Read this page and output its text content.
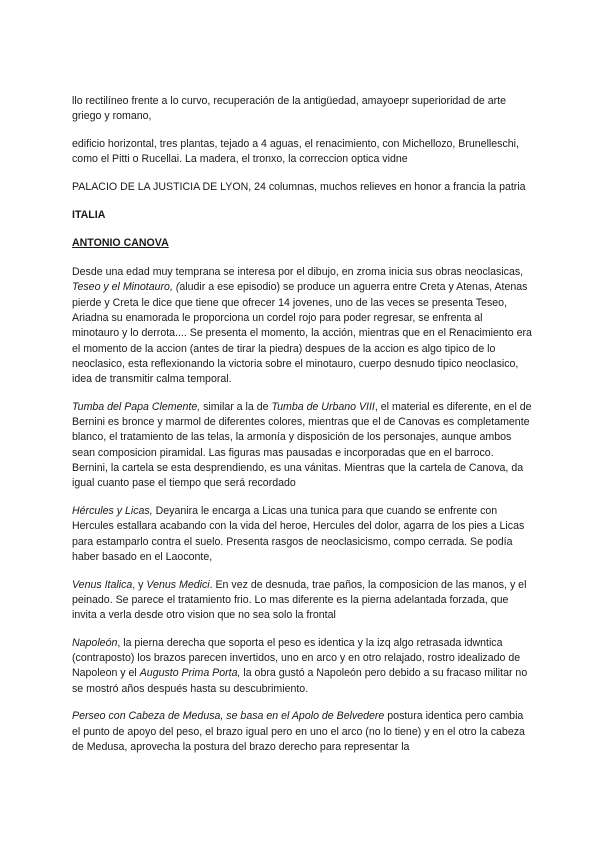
llo rectilíneo frente a lo curvo, recuperación de la antigüedad, amayoepr superioridad de arte griego y romano,

edificio horizontal, tres plantas, tejado a 4 aguas, el renacimiento, con Michellozo, Brunelleschi, como el Pitti o Rucellai. La madera, el tronxo, la correccion optica vidne

PALACIO DE LA JUSTICIA DE LYON, 24 columnas, muchos relieves en honor a francia la patria

ITALIA

ANTONIO CANOVA

Desde una edad muy temprana se interesa por el dibujo, en zroma inicia sus obras neoclasicas, Teseo y el Minotauro, (aludir a ese episodio) se produce un aguerra entre Creta y Atenas, Atenas pierde y Creta le dice que tiene que ofrecer 14 jovenes, uno de las veces se presenta Teseo, Ariadna su enamorada le proporciona un cordel rojo para poder regresar, se enfrenta al minotauro y lo derrota.... Se presenta el momento, la acción, mientras que en el Renacimiento era el momento de la accion (antes de tirar la piedra) despues de la accion es algo tipico de lo neoclasico, esta reflexionando la victoria sobre el minotauro, cuerpo desnudo tipico neoclasico, idea de transmitir calma temporal.

Tumba del Papa Clemente, similar a la de Tumba de Urbano VIII, el material es diferente, en el de Bernini es bronce y marmol de diferentes colores, mientras que el de Canovas es completamente blanco, el tratamiento de las telas, la armonía y disposición de los personajes, aunque ambos sean composicion piramidal. Las figuras mas pausadas e incorporadas que en el barroco. Bernini, la cartela se esta desprendiendo, es una vánitas. Mientras que la cartela de Canova, da igual cuanto pase el tiempo que será recordado

Hércules y Licas, Deyanira le encarga a Licas una tunica para que cuando se enfrente con Hercules estallara acabando con la vida del heroe, Hercules del dolor, agarra de los pies a Licas para estamparlo contra el suelo. Presenta rasgos de neoclasicismo, compo cerrada. Se podía haber basado en el Laoconte,

Venus Italica, y Venus Medici. En vez de desnuda, trae paños, la composicion de las manos, y el peinado. Se parece el tratamiento frio. Lo mas diferente es la pierna adelantada forzada, que invita a verla desde otro vision que no sea solo la frontal

Napoleón, la pierna derecha que soporta el peso es identica y la izq algo retrasada idwntica (contraposto) los brazos parecen invertidos, uno en arco y en otro relajado, rostro idealizado de Napoleon y el Augusto Prima Porta, la obra gustó a Napoleón pero debido a su fracaso militar no se mostró años después hasta su descubrimiento.

Perseo con Cabeza de Medusa, se basa en el Apolo de Belvedere postura identica pero cambia el punto de apoyo del peso, el brazo igual pero en uno el arco (no lo tiene) y en el otro la cabeza de Medusa, aprovecha la postura del brazo derecho para representar la
